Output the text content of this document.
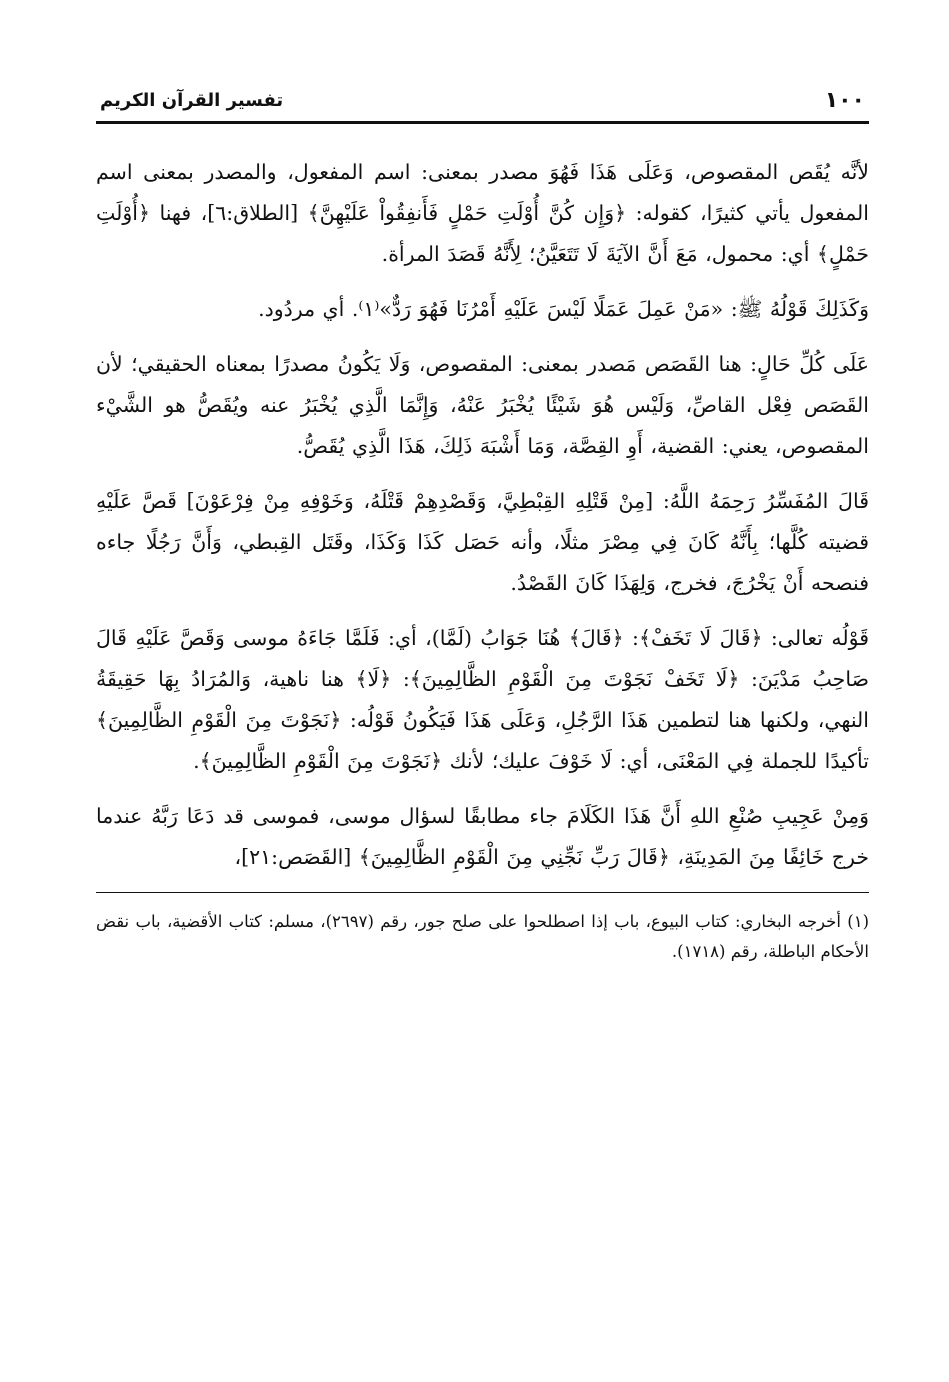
١٠٠
تفسير القرآن الكريم

لأنَّه يُقَص المقصوص، وَعَلَى هَذَا فَهُوَ مصدر بمعنى: اسم المفعول، والمصدر بمعنى اسم المفعول يأتي كثيرًا، كقوله: ﴿وَإِن كُنَّ أُوْلَتِ حَمْلٍ فَأَنفِقُواْ عَلَيْهِنَّ﴾ [الطلاق:٦]، فهنا ﴿أُوْلَتِ حَمْلٍ﴾ أي: محمول، مَعَ أَنَّ الآيَةَ لَا تَتَعَيَّنُ؛ لِأَنَّهُ قَصَدَ المرأة.

وَكَذَلِكَ قَوْلُهُ ﷺ: «مَنْ عَمِلَ عَمَلًا لَيْسَ عَلَيْهِ أَمْرُنَا فَهُوَ رَدٌّ»⁽١⁾. أي مردُود.

عَلَى كُلِّ حَالٍ: هنا القَصَص مَصدر بمعنى: المقصوص، وَلَا يَكُونُ مصدرًا بمعناه الحقيقي؛ لأن القَصَص فِعْل القاصِّ، وَلَيْس هُوَ شَيْئًا يُخْبَرُ عَنْهُ، وَإِنَّمَا الَّذِي يُخْبَرُ عنه ويُقَصُّ هو الشَّيْء المقصوص، يعني: القضية، أَوِ القِصَّة، وَمَا أَشْبَهَ ذَلِكَ، هَذَا الَّذِي يُقَصُّ.

قَالَ المُفَسِّرُ رَحِمَهُ اللَّهُ: [مِنْ قَتْلِهِ القِبْطِيَّ، وَقَصْدِهِمْ قَتْلَهُ، وَخَوْفِهِ مِنْ فِرْعَوْنَ] قَصَّ عَلَيْهِ قضيته كُلَّها؛ بِأَنَّهُ كَانَ فِي مِصْرَ مثلًا، وأنه حَصَل كَذَا وَكَذَا، وقَتَل القِبطي، وَأَنَّ رَجُلًا جاءه فنصحه أَنْ يَخْرُجَ، فخرج، وَلِهَذَا كَانَ القَصْدُ.

قَوْلُه تعالى: ﴿قَالَ لَا تَخَفْ﴾: ﴿قَالَ﴾ هُنَا جَوَابُ (لَمَّا)، أي: فَلَمَّا جَاءَهُ موسى وَقَصَّ عَلَيْهِ قَالَ صَاحِبُ مَدْيَنَ: ﴿لَا تَخَفْ نَجَوْتَ مِنَ الْقَوْمِ الظَّالِمِينَ﴾: ﴿لَا﴾ هنا ناهية، وَالمُرَادُ بِهَا حَقِيقَةُ النهي، ولكنها هنا لتطمين هَذَا الرَّجُلِ، وَعَلَى هَذَا فَيَكُونُ قَوْلُه: ﴿نَجَوْتَ مِنَ الْقَوْمِ الظَّالِمِينَ﴾ تأكيدًا للجملة فِي المَعْنَى، أي: لَا خَوْفَ عليك؛ لأنك ﴿نَجَوْتَ مِنَ الْقَوْمِ الظَّالِمِينَ﴾.

وَمِنْ عَجِيبِ صُنْعِ اللهِ أَنَّ هَذَا الكَلَامَ جاء مطابقًا لسؤال موسى، فموسى قد دَعَا رَبَّهُ عندما خرج خَائِفًا مِنَ المَدِينَةِ، ﴿قَالَ رَبِّ نَجِّنِي مِنَ الْقَوْمِ الظَّالِمِينَ﴾ [القَصَص:٢١]،

(١) أخرجه البخاري: كتاب البيوع، باب إذا اصطلحوا على صلح جور، رقم (٢٦٩٧)، مسلم: كتاب الأقضية، باب نقض الأحكام الباطلة، رقم (١٧١٨).
